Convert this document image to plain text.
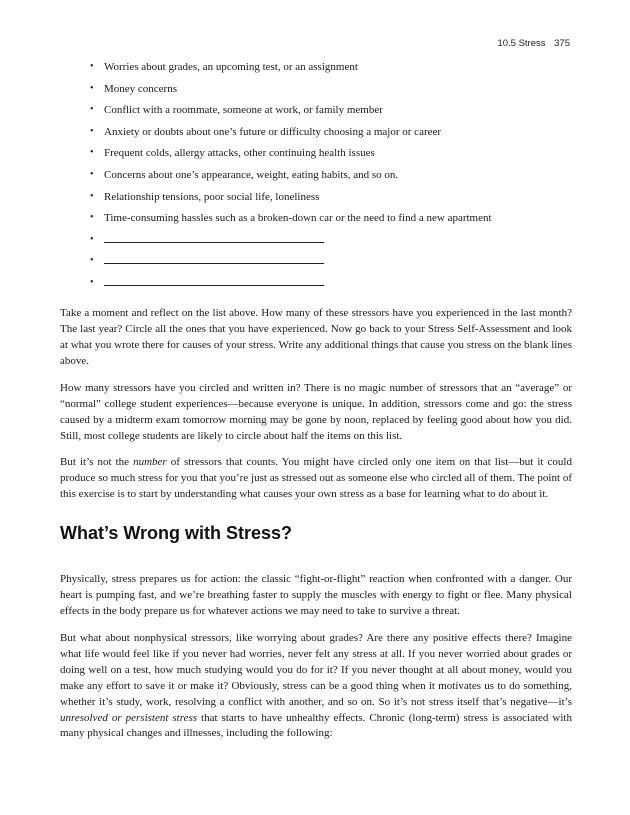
10.5 Stress 375
• Worries about grades, an upcoming test, or an assignment
• Money concerns
• Conflict with a roommate, someone at work, or family member
• Anxiety or doubts about one’s future or difficulty choosing a major or career
• Frequent colds, allergy attacks, other continuing health issues
• Concerns about one’s appearance, weight, eating habits, and so on.
• Relationship tensions, poor social life, loneliness
• Time-consuming hassles such as a broken-down car or the need to find a new apartment
•
•
•

Take a moment and reflect on the list above. How many of these stressors have you experienced in the last month? The last year? Circle all the ones that you have experienced. Now go back to your Stress Self-Assessment and look at what you wrote there for causes of your stress. Write any additional things that cause you stress on the blank lines above.

How many stressors have you circled and written in? There is no magic number of stressors that an “average” or “normal” college student experiences—because everyone is unique. In addition, stressors come and go: the stress caused by a midterm exam tomorrow morning may be gone by noon, replaced by feeling good about how you did. Still, most college students are likely to circle about half the items on this list.

But it’s not the number of stressors that counts. You might have circled only one item on that list—but it could produce so much stress for you that you’re just as stressed out as someone else who circled all of them. The point of this exercise is to start by understanding what causes your own stress as a base for learning what to do about it.

What’s Wrong with Stress?

Physically, stress prepares us for action: the classic “fight-or-flight” reaction when confronted with a danger. Our heart is pumping fast, and we’re breathing faster to supply the muscles with energy to fight or flee. Many physical effects in the body prepare us for whatever actions we may need to take to survive a threat.

But what about nonphysical stressors, like worrying about grades? Are there any positive effects there? Imagine what life would feel like if you never had worries, never felt any stress at all. If you never worried about grades or doing well on a test, how much studying would you do for it? If you never thought at all about money, would you make any effort to save it or make it? Obviously, stress can be a good thing when it motivates us to do something, whether it’s study, work, resolving a conflict with another, and so on. So it’s not stress itself that’s negative—it’s unresolved or persistent stress that starts to have unhealthy effects. Chronic (long-term) stress is associated with many physical changes and illnesses, including the following:
